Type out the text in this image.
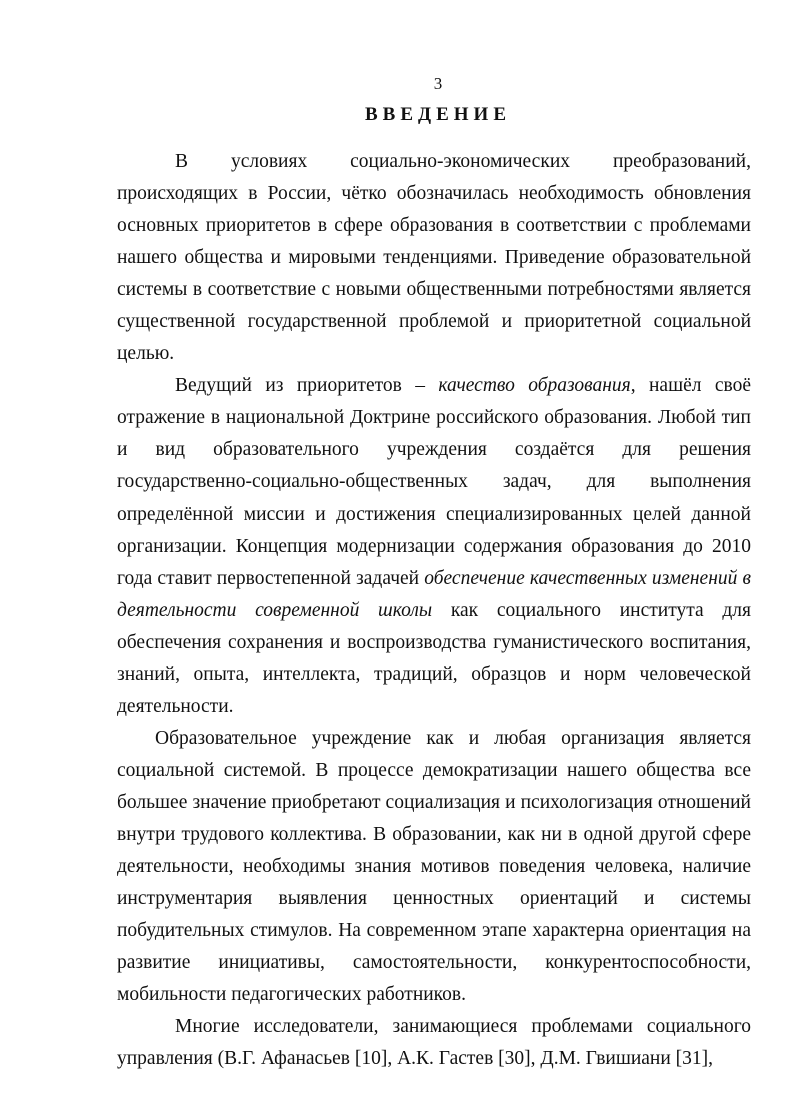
3
ВВЕДЕНИЕ

В условиях социально-экономических преобразований, происходящих в России, чётко обозначилась необходимость обновления основных приоритетов в сфере образования в соответствии с проблемами нашего общества и мировыми тенденциями. Приведение образовательной системы в соответствие с новыми общественными потребностями является существенной государственной проблемой и приоритетной социальной целью.

Ведущий из приоритетов – качество образования, нашёл своё отражение в национальной Доктрине российского образования. Любой тип и вид образовательного учреждения создаётся для решения государственно-социально-общественных задач, для выполнения определённой миссии и достижения специализированных целей данной организации. Концепция модернизации содержания образования до 2010 года ставит первостепенной задачей обеспечение качественных изменений в деятельности современной школы как социального института для обеспечения сохранения и воспроизводства гуманистического воспитания, знаний, опыта, интеллекта, традиций, образцов и норм человеческой деятельности.

Образовательное учреждение как и любая организация является социальной системой. В процессе демократизации нашего общества все большее значение приобретают социализация и психологизация отношений внутри трудового коллектива. В образовании, как ни в одной другой сфере деятельности, необходимы знания мотивов поведения человека, наличие инструментария выявления ценностных ориентаций и системы побудительных стимулов. На современном этапе характерна ориентация на развитие инициативы, самостоятельности, конкурентоспособности, мобильности педагогических работников.

Многие исследователи, занимающиеся проблемами социального управления (В.Г. Афанасьев [10], А.К. Гастев [30], Д.М. Гвишиани [31],
